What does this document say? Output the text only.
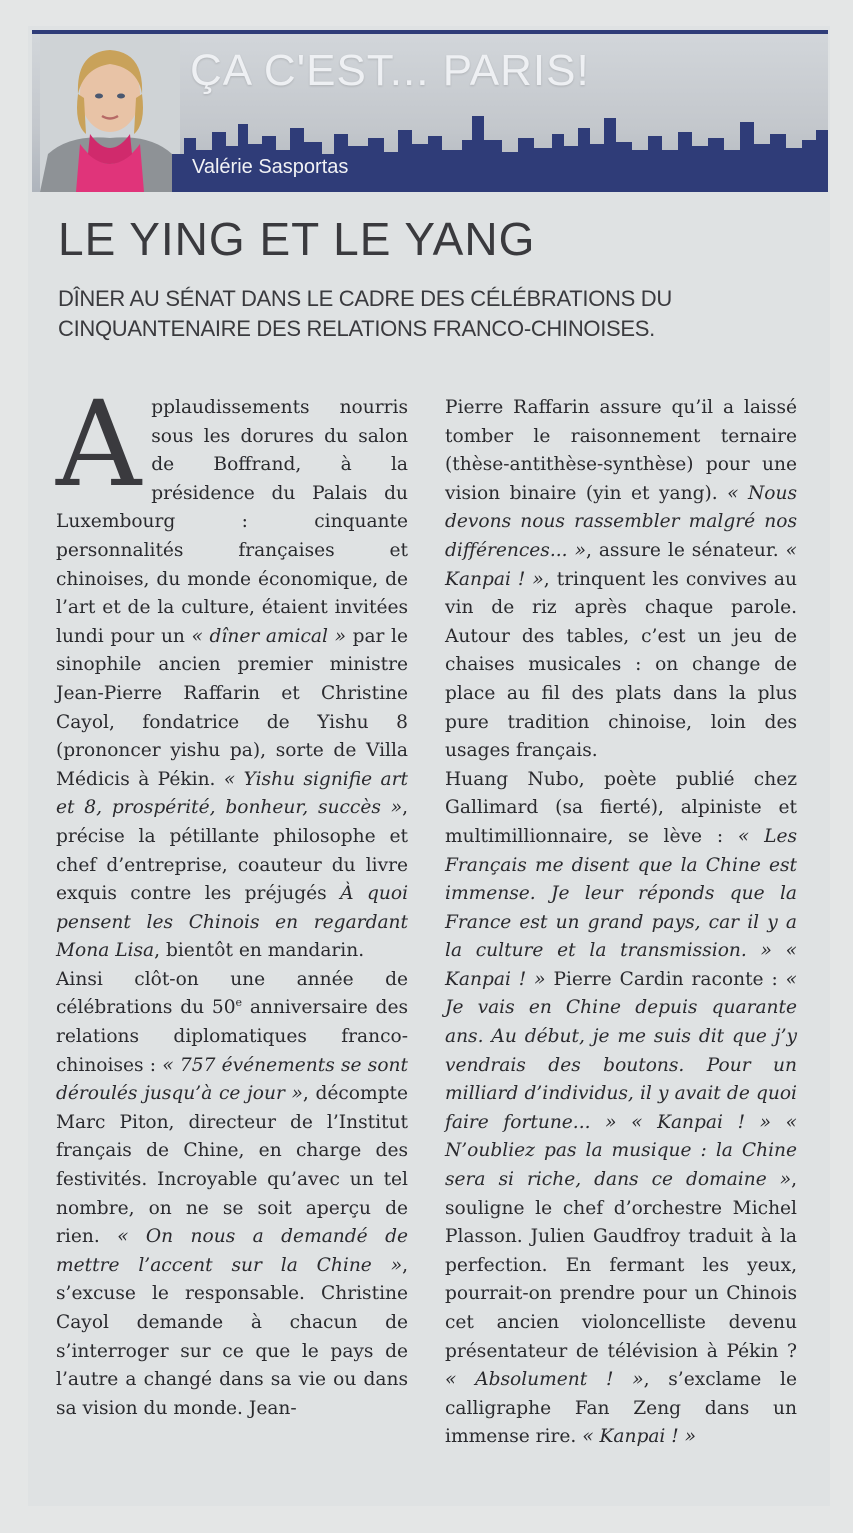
ÇA C'EST... PARIS!
Valérie Sasportas
LE YING ET LE YANG

DÎNER AU SÉNAT DANS LE CADRE DES CÉLÉBRATIONS DU CINQUANTENAIRE DES RELATIONS FRANCO-CHINOISES.

Applaudissements nourris sous les dorures du salon de Boffrand, à la présidence du Palais du Luxembourg : cinquante personnalités françaises et chinoises, du monde économique, de l’art et de la culture, étaient invitées lundi pour un « dîner amical » par le sinophile ancien premier ministre Jean-Pierre Raffarin et Christine Cayol, fondatrice de Yishu 8 (prononcer yishu pa), sorte de Villa Médicis à Pékin. « Yishu signifie art et 8, prospérité, bonheur, succès », précise la pétillante philosophe et chef d’entreprise, coauteur du livre exquis contre les préjugés À quoi pensent les Chinois en regardant Mona Lisa, bientôt en mandarin.

Ainsi clôt-on une année de célébrations du 50e anniversaire des relations diplomatiques franco-chinoises : « 757 événements se sont déroulés jusqu’à ce jour », décompte Marc Piton, directeur de l’Institut français de Chine, en charge des festivités. Incroyable qu’avec un tel nombre, on ne se soit aperçu de rien. « On nous a demandé de mettre l’accent sur la Chine », s’excuse le responsable. Christine Cayol demande à chacun de s’interroger sur ce que le pays de l’autre a changé dans sa vie ou dans sa vision du monde. Jean-

Pierre Raffarin assure qu’il a laissé tomber le raisonnement ternaire (thèse-antithèse-synthèse) pour une vision binaire (yin et yang). « Nous devons nous rassembler malgré nos différences... », assure le sénateur. « Kanpai ! », trinquent les convives au vin de riz après chaque parole. Autour des tables, c’est un jeu de chaises musicales : on change de place au fil des plats dans la plus pure tradition chinoise, loin des usages français.

Huang Nubo, poète publié chez Gallimard (sa fierté), alpiniste et multimillionnaire, se lève : « Les Français me disent que la Chine est immense. Je leur réponds que la France est un grand pays, car il y a la culture et la transmission. » « Kanpai ! » Pierre Cardin raconte : « Je vais en Chine depuis quarante ans. Au début, je me suis dit que j’y vendrais des boutons. Pour un milliard d’individus, il y avait de quoi faire fortune... » « Kanpai ! » « N’oubliez pas la musique : la Chine sera si riche, dans ce domaine », souligne le chef d’orchestre Michel Plasson. Julien Gaudfroy traduit à la perfection. En fermant les yeux, pourrait-on prendre pour un Chinois cet ancien violoncelliste devenu présentateur de télévision à Pékin ? « Absolument ! », s’exclame le calligraphe Fan Zeng dans un immense rire. « Kanpai ! »
